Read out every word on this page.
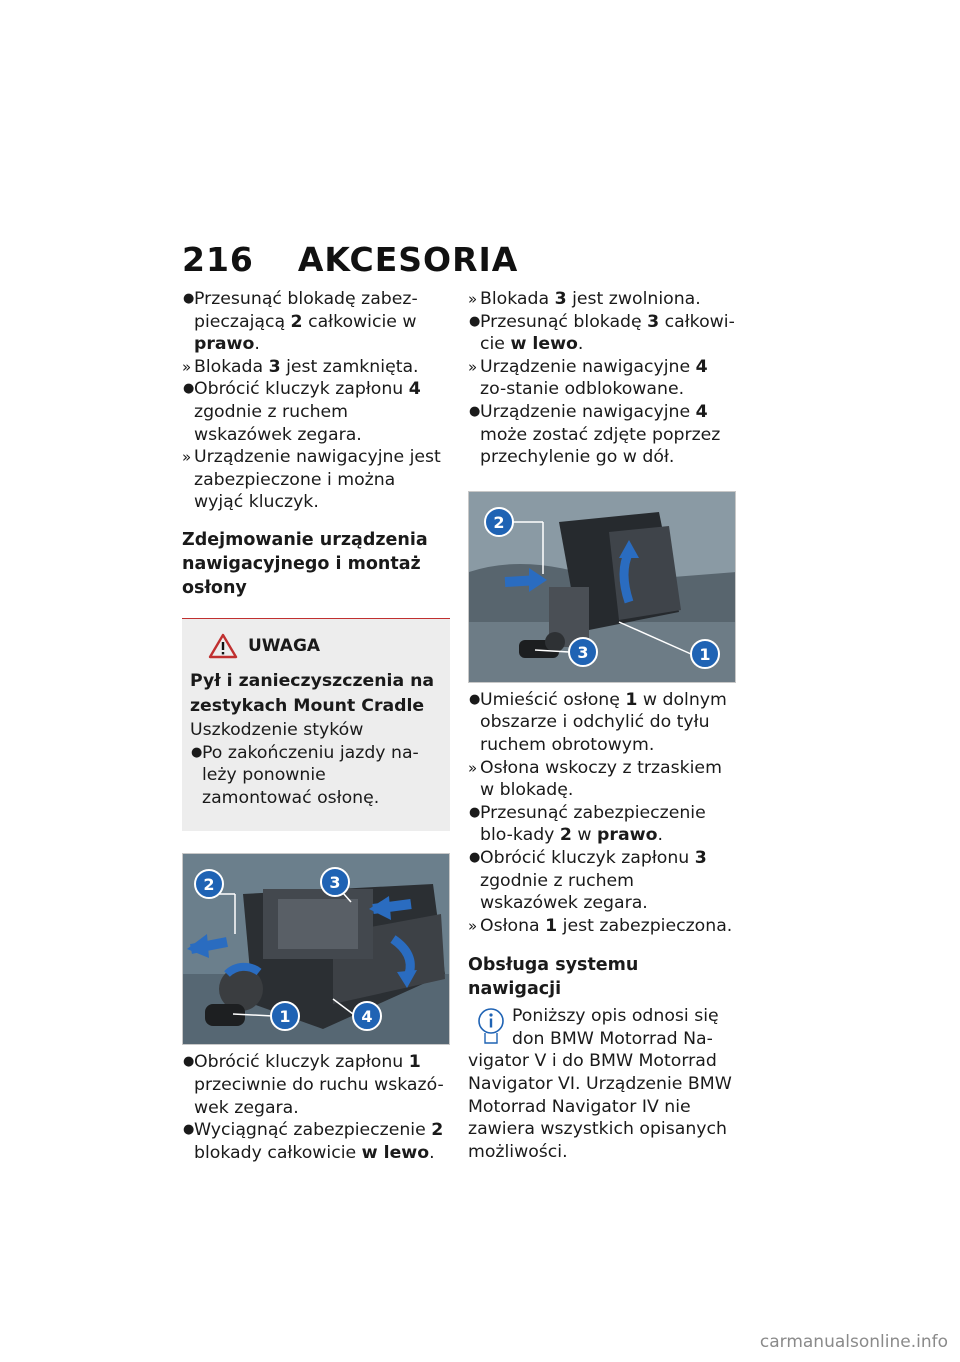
216 AKCESORIA
● Przesunąć blokadę zabez-pieczającą 2 całkowicie w prawo.
» Blokada 3 jest zamknięta.
● Obrócić kluczyk zapłonu 4 zgodnie z ruchem wskazówek zegara.
» Urządzenie nawigacyjne jest zabezpieczone i można wyjąć kluczyk.
Zdejmowanie urządzenia nawigacyjnego i montaż osłony
UWAGA
Pył i zanieczyszczenia na zestykach Mount Cradle
Uszkodzenie styków
● Po zakończeniu jazdy na-leży ponownie zamontować osłonę.
2	3
1	4
● Obrócić kluczyk zapłonu 1 przeciwnie do ruchu wskazó-wek zegara.
● Wyciągnąć zabezpieczenie 2 blokady całkowicie w lewo.
» Blokada 3 jest zwolniona.
● Przesunąć blokadę 3 całkowi-cie w lewo.
» Urządzenie nawigacyjne 4 zo-stanie odblokowane.
● Urządzenie nawigacyjne 4 może zostać zdjęte poprzez przechylenie go w dół.
2
3	1
● Umieścić osłonę 1 w dolnym obszarze i odchylić do tyłu ruchem obrotowym.
» Osłona wskoczy z trzaskiem w blokadę.
● Przesunąć zabezpieczenie blo-kady 2 w prawo.
● Obrócić kluczyk zapłonu 3 zgodnie z ruchem wskazówek zegara.
» Osłona 1 jest zabezpieczona.
Obsługa systemu nawigacji
Poniższy opis odnosi się don BMW Motorrad Na-
vigator V i do BMW Motorrad Navigator VI. Urządzenie BMW Motorrad Navigator IV nie zawiera wszystkich opisanych możliwości.
carmanualsonline.info
